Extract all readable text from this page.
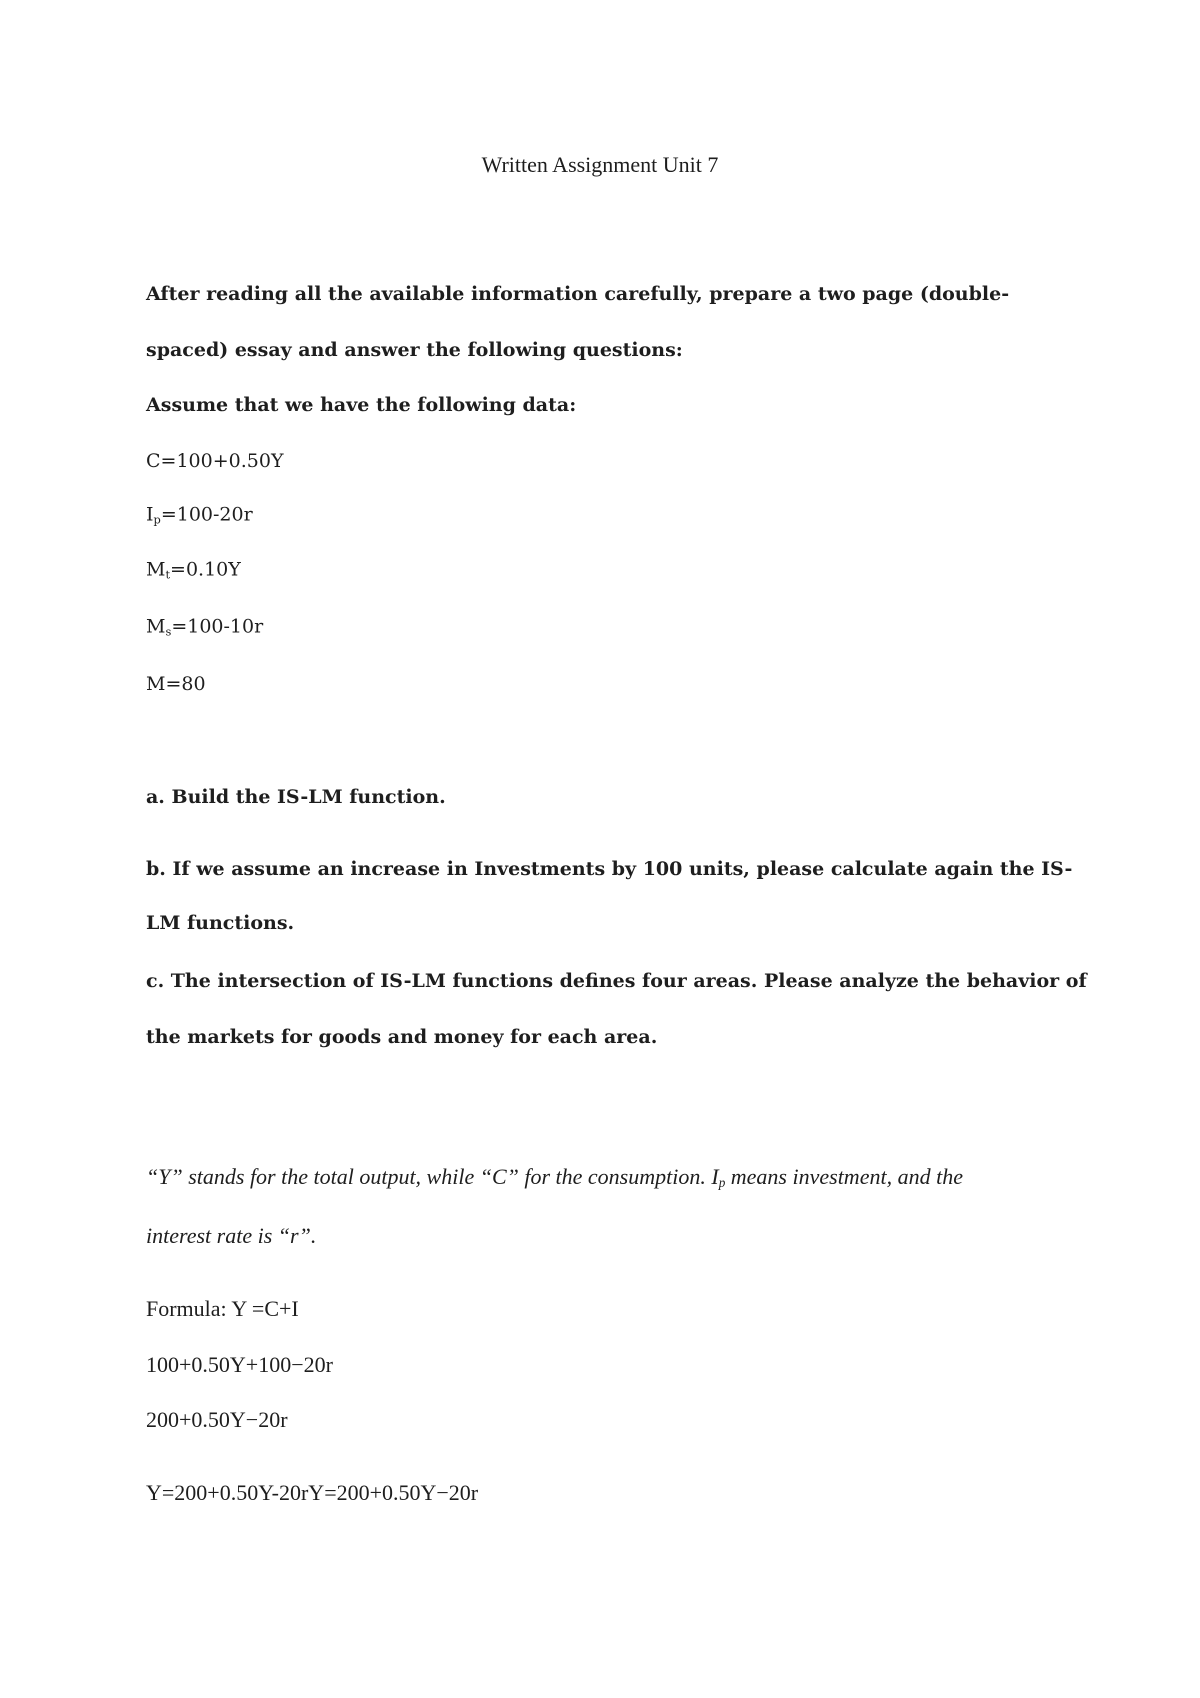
Written Assignment Unit 7
After reading all the available information carefully, prepare a two page (double-
spaced) essay and answer the following questions:
Assume that we have the following data:
C=100+0.50Y
$I_p=100-20r$
$M_t=0.10Y$
$M_s=100-10r$
M=80
a. Build the IS-LM function.
b. If we assume an increase in Investments by 100 units, please calculate again the IS-
LM functions.
c. The intersection of IS-LM functions defines four areas. Please analyze the behavior of
the markets for goods and money for each area.
“Y” stands for the total output, while “C” for the consumption. $I_p$ means investment, and the
interest rate is “r”.
Formula: Y =C+I
100+0.50Y+100−20r
200+0.50Y−20r
Y=200+0.50Y-20rY=200+0.50Y−20r
